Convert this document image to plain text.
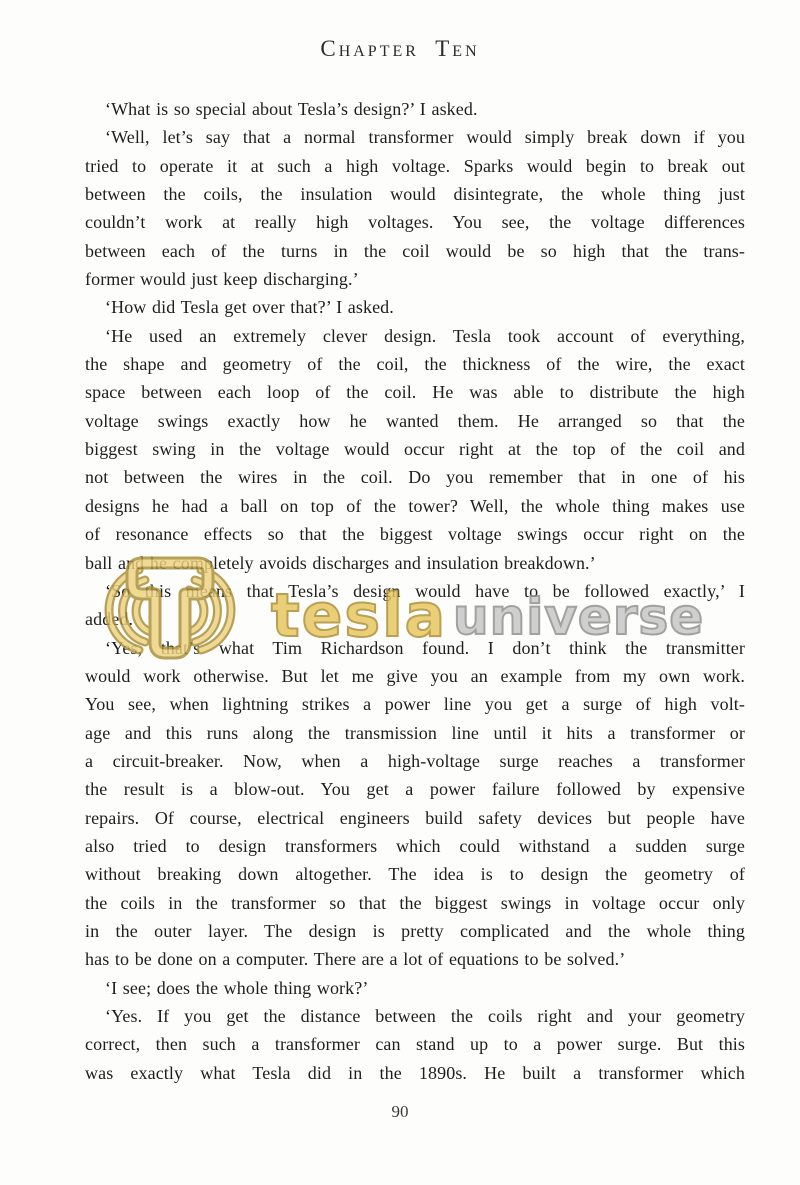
Chapter Ten
‘What is so special about Tesla’s design?’ I asked.
‘Well, let’s say that a normal transformer would simply break down if you
tried to operate it at such a high voltage. Sparks would begin to break out
between the coils, the insulation would disintegrate, the whole thing just
couldn’t work at really high voltages. You see, the voltage differences
between each of the turns in the coil would be so high that the trans-
former would just keep discharging.’
‘How did Tesla get over that?’ I asked.
‘He used an extremely clever design. Tesla took account of everything,
the shape and geometry of the coil, the thickness of the wire, the exact
space between each loop of the coil. He was able to distribute the high
voltage swings exactly how he wanted them. He arranged so that the
biggest swing in the voltage would occur right at the top of the coil and
not between the wires in the coil. Do you remember that in one of his
designs he had a ball on top of the tower? Well, the whole thing makes use
of resonance effects so that the biggest voltage swings occur right on the
ball and he completely avoids discharges and insulation breakdown.’
‘So this means that Tesla’s design would have to be followed exactly,’ I
added.
‘Yes, that’s what Tim Richardson found. I don’t think the transmitter
would work otherwise. But let me give you an example from my own work.
You see, when lightning strikes a power line you get a surge of high volt-
age and this runs along the transmission line until it hits a transformer or
a circuit-breaker. Now, when a high-voltage surge reaches a transformer
the result is a blow-out. You get a power failure followed by expensive
repairs. Of course, electrical engineers build safety devices but people have
also tried to design transformers which could withstand a sudden surge
without breaking down altogether. The idea is to design the geometry of
the coils in the transformer so that the biggest swings in voltage occur only
in the outer layer. The design is pretty complicated and the whole thing
has to be done on a computer. There are a lot of equations to be solved.’
‘I see; does the whole thing work?’
‘Yes. If you get the distance between the coils right and your geometry
correct, then such a transformer can stand up to a power surge. But this
was exactly what Tesla did in the 1890s. He built a transformer which
tesla universe
90
